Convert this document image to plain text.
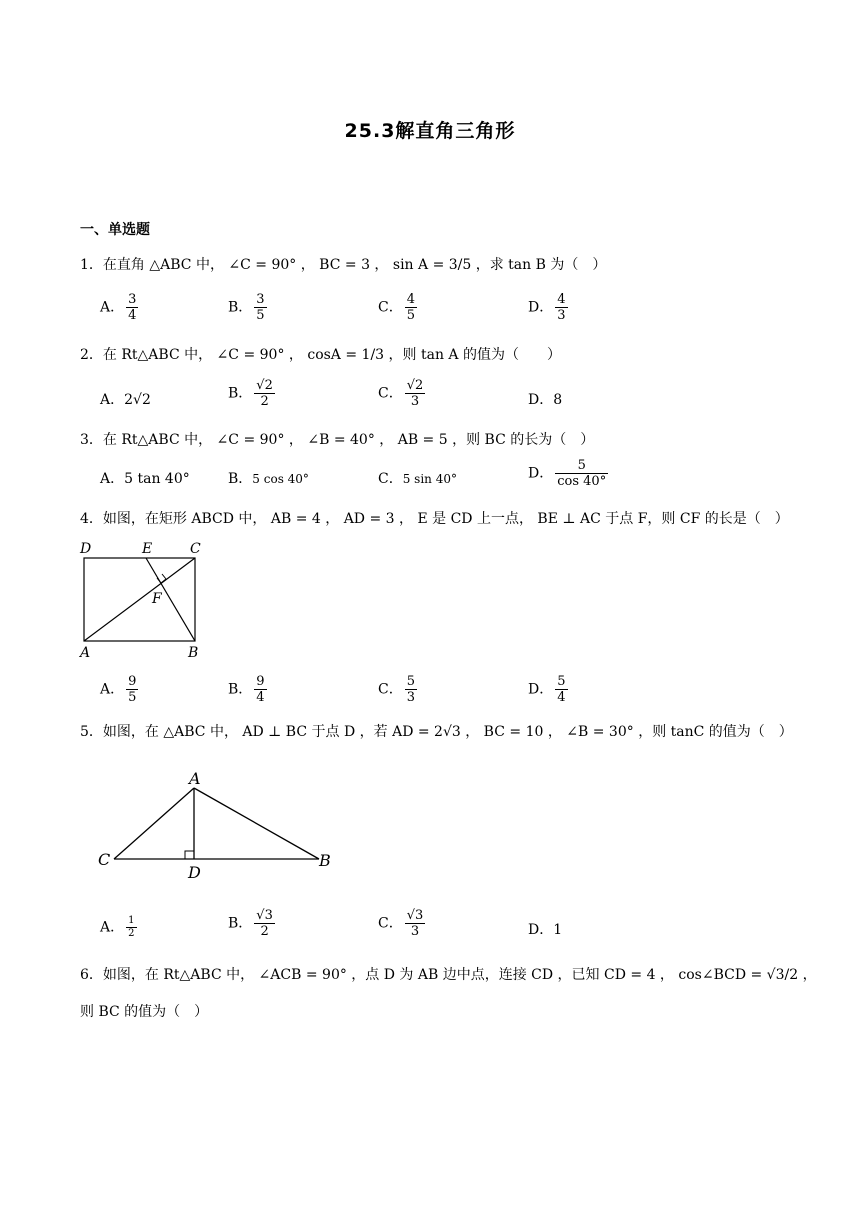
25.3解直角三角形
一、单选题
1．在直角 △ABC 中， ∠C = 90° ， BC = 3 ， sin A = 3/5 ，求 tan B 为（　）
A． $\frac{3}{4}$	B． $\frac{3}{5}$	C． $\frac{4}{5}$	D． $\frac{4}{3}$
2．在 Rt△ABC 中， ∠C = 90° ， cosA = 1/3 ，则 tan A 的值为（　　）
A．2√2	B． $\frac{√2}{2}$	C． $\frac{√2}{3}$	D．8
3．在 Rt△ABC 中， ∠C = 90° ， ∠B = 40° ， AB = 5 ，则 BC 的长为（　）
A．5 tan 40°	B．5 cos 40°	C．5 sin 40°	D． $\frac{5}{\cos 40^\circ}$
4．如图，在矩形 ABCD 中， AB = 4 ， AD = 3 ， E 是 CD 上一点， BE ⊥ AC 于点 F，则 CF 的长是（　）
D	E	C
F
A	B
A． $\frac{9}{5}$	B． $\frac{9}{4}$	C． $\frac{5}{3}$	D． $\frac{5}{4}$
5．如图，在 △ABC 中， AD ⊥ BC 于点 D ，若 AD = 2√3 ， BC = 10 ， ∠B = 30° ，则 tanC 的值为（　）
A
C
D
B
A． $\frac{1}{2}$	B． $\frac{√3}{2}$	C． $\frac{√3}{3}$	D．1
6．如图，在 Rt△ABC 中， ∠ACB = 90° ，点 D 为 AB 边中点，连接 CD ，已知 CD = 4 ， cos∠BCD = √3/2 ，
则 BC 的值为（　）
